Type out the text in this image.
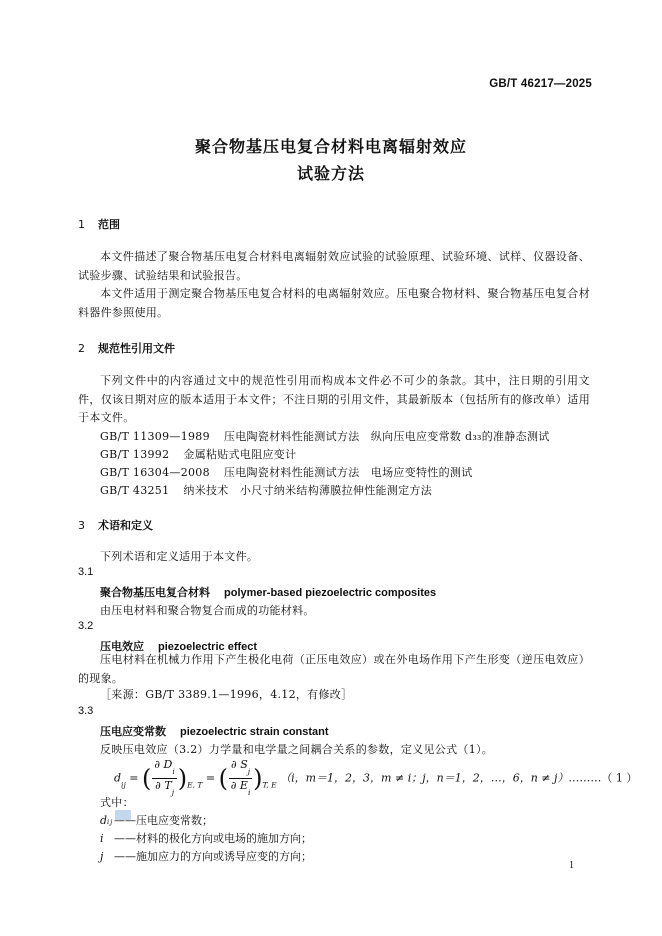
GB/T 46217—2025
聚合物基压电复合材料电离辐射效应
试验方法
1 范围
本文件描述了聚合物基压电复合材料电离辐射效应试验的试验原理、试验环境、试样、仪器设备、试验步骤、试验结果和试验报告。
本文件适用于测定聚合物基压电复合材料的电离辐射效应。压电聚合物材料、聚合物基压电复合材料器件参照使用。
2 规范性引用文件
下列文件中的内容通过文中的规范性引用而构成本文件必不可少的条款。其中，注日期的引用文件，仅该日期对应的版本适用于本文件；不注日期的引用文件，其最新版本（包括所有的修改单）适用于本文件。
GB/T 11309—1989 压电陶瓷材料性能测试方法　纵向压电应变常数 d₃₃的准静态测试
GB/T 13992 金属粘贴式电阻应变计
GB/T 16304—2008 压电陶瓷材料性能测试方法　电场应变特性的测试
GB/T 43251 纳米技术　小尺寸纳米结构薄膜拉伸性能测定方法
3 术语和定义
下列术语和定义适用于本文件。
3.1
聚合物基压电复合材料 polymer-based piezoelectric composites
由压电材料和聚合物复合而成的功能材料。
3.2
压电效应 piezoelectric effect
压电材料在机械力作用下产生极化电荷（正压电效应）或在外电场作用下产生形变（逆压电效应）的现象。
［来源：GB/T 3389.1—1996，4.12，有修改］
3.3
压电应变常数 piezoelectric strain constant
反映压电效应（3.2）力学量和电学量之间耦合关系的参数，定义见公式（1）。
$d_{ij}$ = ( $\frac{\partial D_i}{\partial T_j} )_{E, T}$ = ( $\frac{\partial S_j}{\partial E_i} )_{T, E}$ （i，m＝1，2，3，m ≠ i；j，n＝1，2，…，6，n ≠ j）………（ 1 ）
式中：
dᵢⱼ ——压电应变常数；
i ——材料的极化方向或电场的施加方向；
j ——施加应力的方向或诱导应变的方向；
1
